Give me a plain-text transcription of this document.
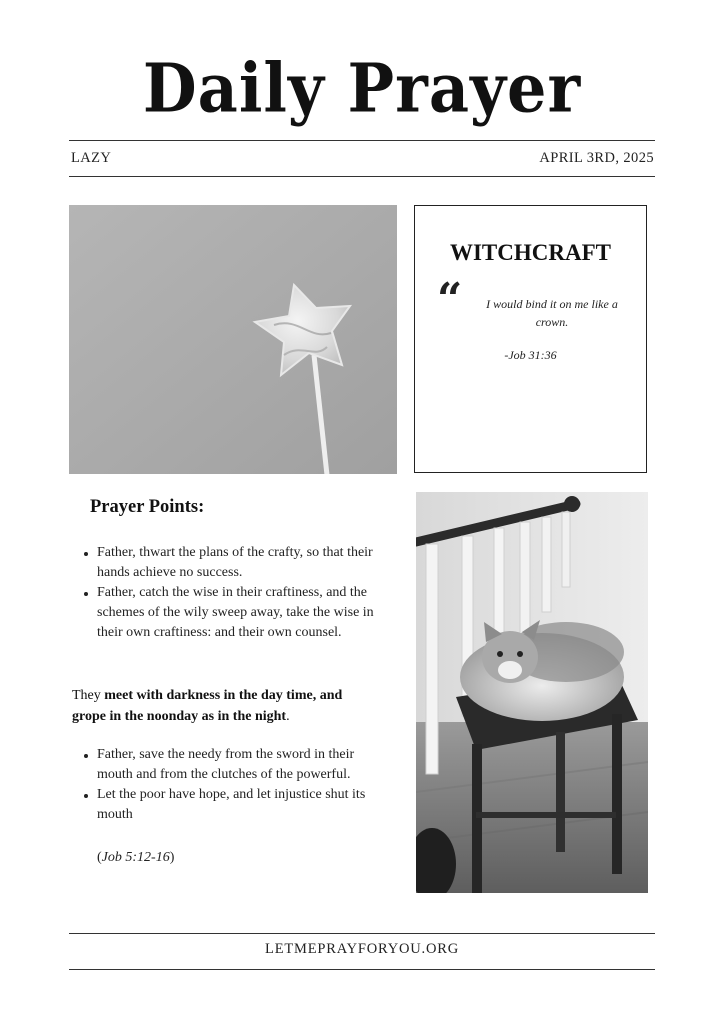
Daily Prayer
LAZY	APRIL 3RD, 2025
WITCHCRAFT
“	I would bind it on me like a crown.
-Job 31:36
Prayer Points:
Father, thwart the plans of the crafty, so that their hands achieve no success.
Father, catch the wise in their craftiness, and the schemes of the wily sweep away, take the wise in their own craftiness: and their own counsel.
They meet with darkness in the day time, and grope in the noonday as in the night.
Father, save the needy from the sword in their mouth and from the clutches of the powerful.
Let the poor have hope, and let injustice shut its mouth
(Job 5:12-16)
LETMEPRAYFORYOU.ORG
